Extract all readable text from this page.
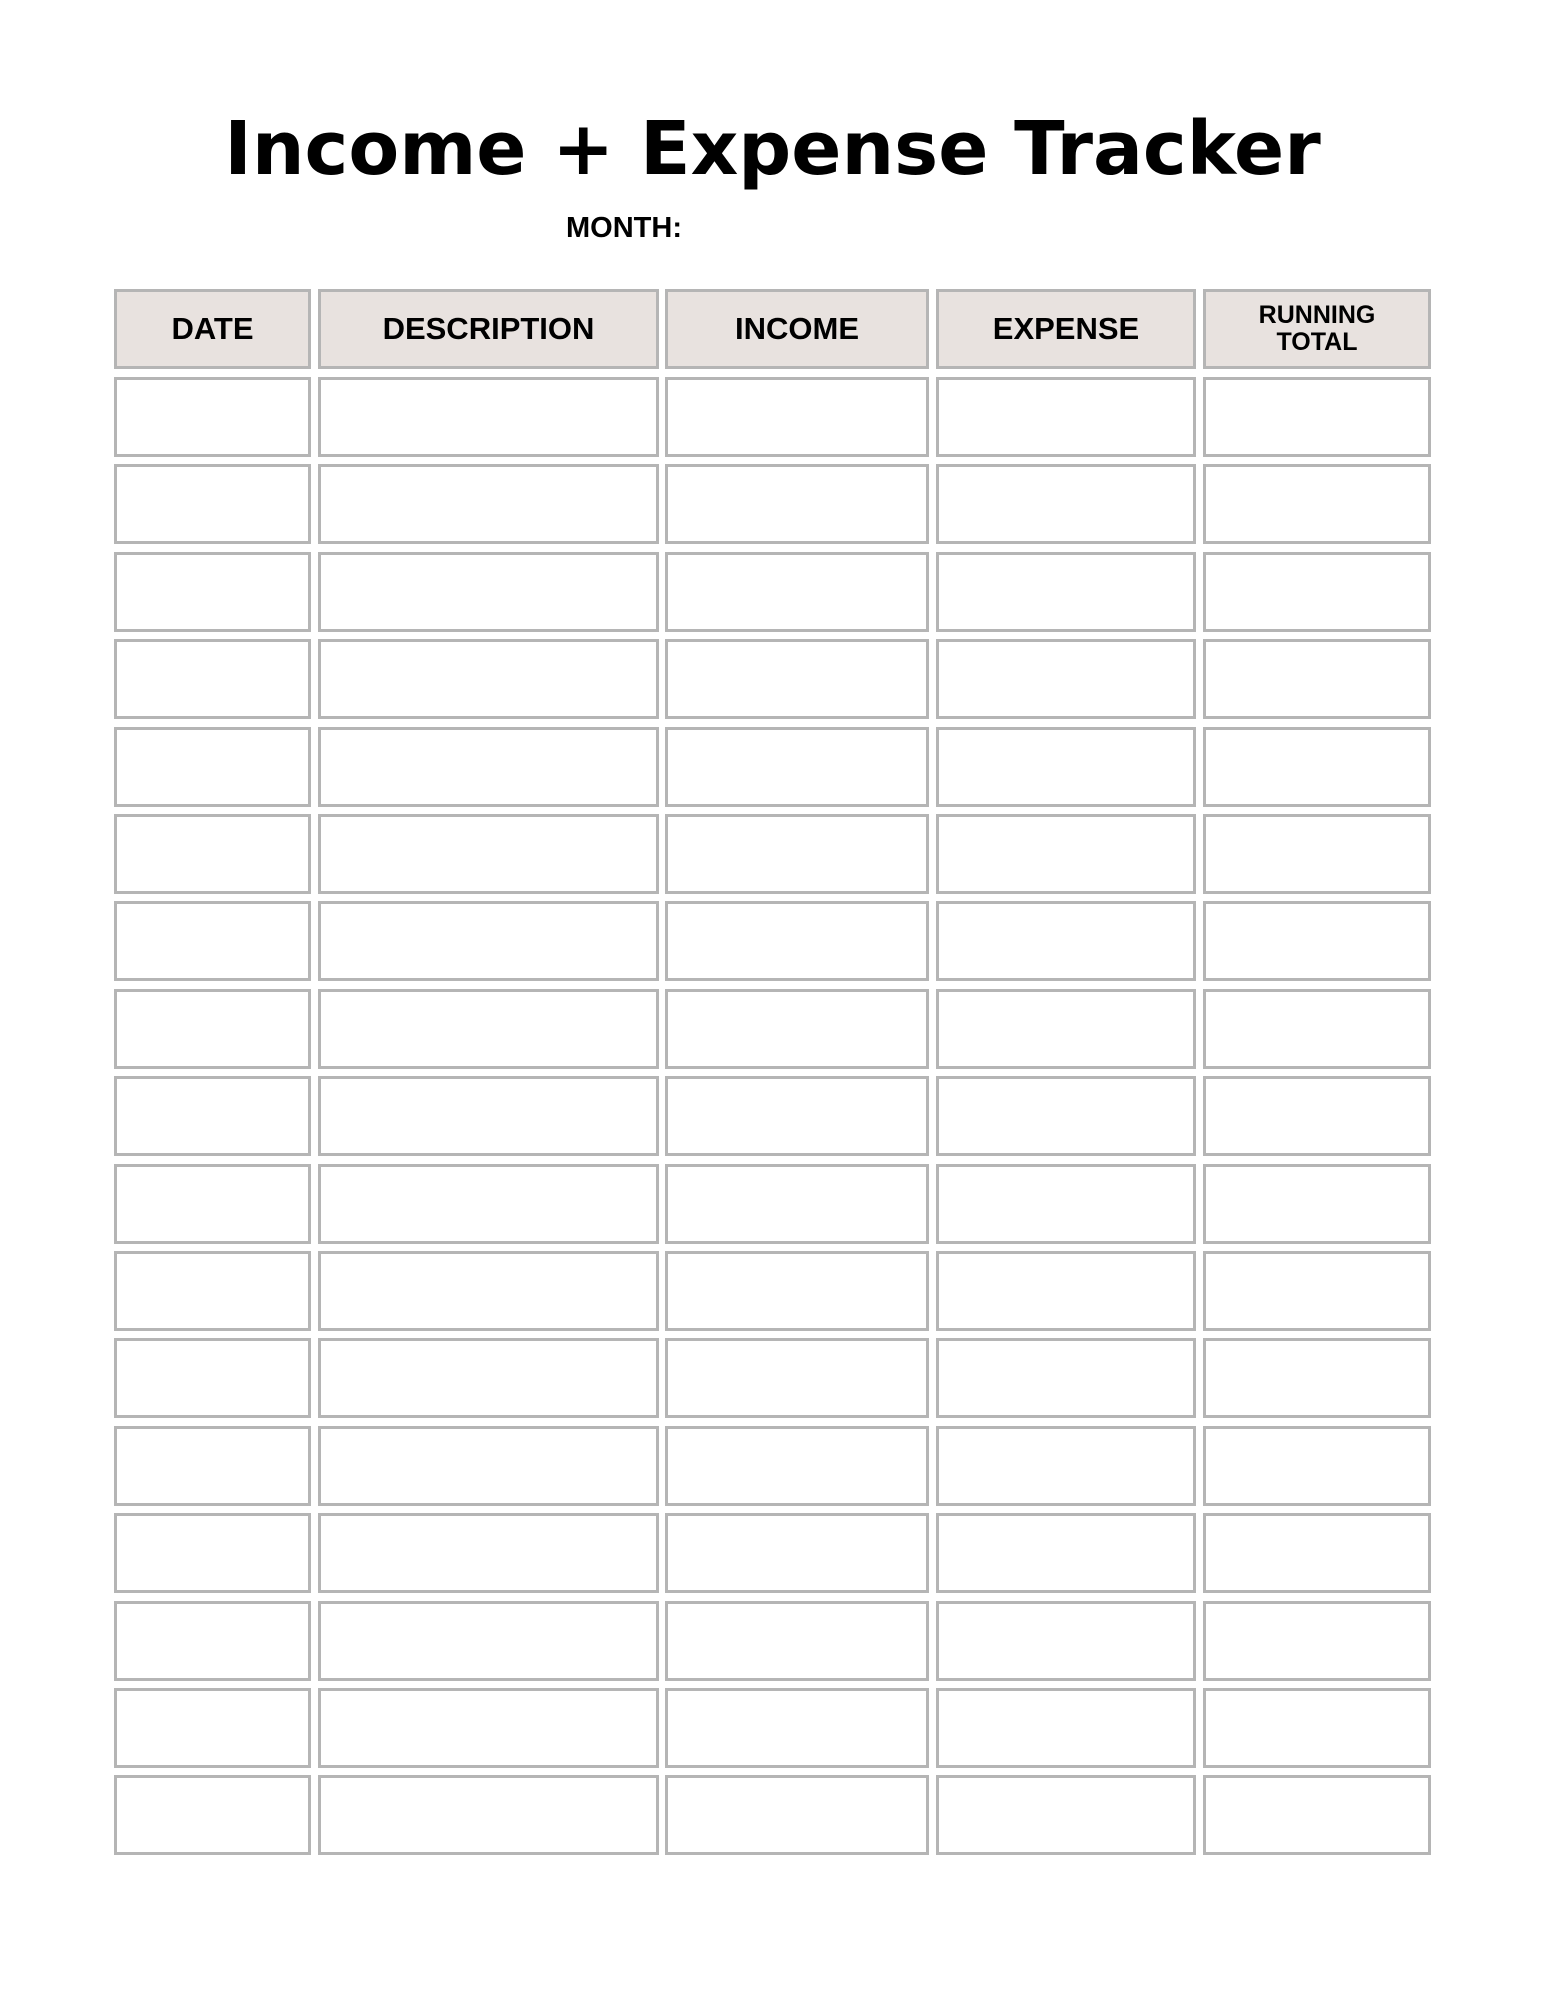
Income + Expense Tracker
MONTH:
DATE	DESCRIPTION	INCOME	EXPENSE	RUNNING TOTAL
